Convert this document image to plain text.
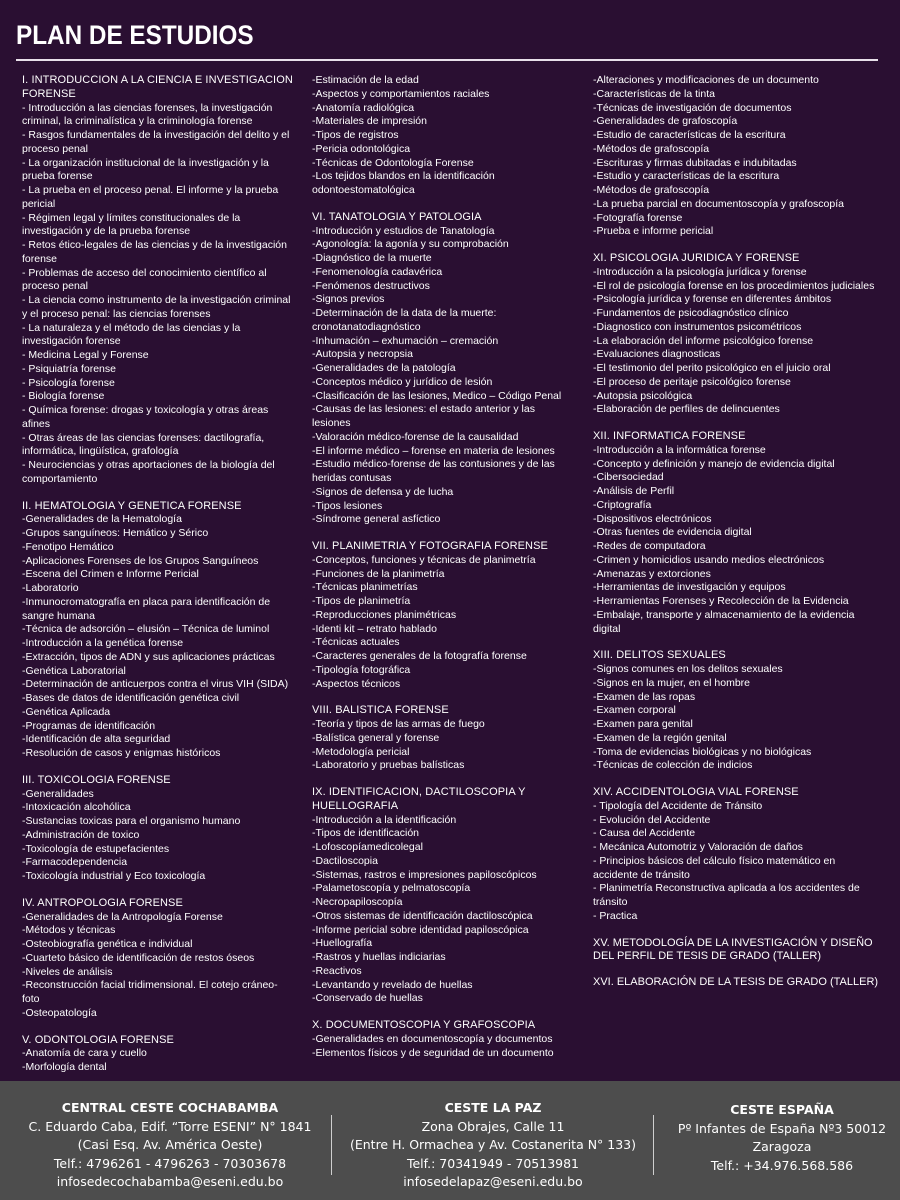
PLAN DE ESTUDIOS
I. INTRODUCCION A LA CIENCIA E INVESTIGACION FORENSE
- Introducción a las ciencias forenses, la investigación criminal, la criminalística y la criminología forense
- Rasgos fundamentales de la investigación del delito y el proceso penal
- La organización institucional de la investigación y la prueba forense
- La prueba en el proceso penal. El informe y la prueba pericial
- Régimen legal y límites constitucionales de la investigación y de la prueba forense
- Retos ético-legales de las ciencias y de la investigación forense
- Problemas de acceso del conocimiento científico al proceso penal
- La ciencia como instrumento de la investigación criminal y el proceso penal: las ciencias forenses
- La naturaleza y el método de las ciencias y la investigación forense
- Medicina Legal y Forense
- Psiquiatría forense
- Psicología forense
- Biología forense
- Química forense: drogas y toxicología y otras áreas afines
- Otras áreas de las ciencias forenses: dactilografía, informática, lingüística, grafología
- Neurociencias y otras aportaciones de la biología del comportamiento
II. HEMATOLOGIA Y GENETICA FORENSE
-Generalidades de la Hematología
-Grupos sanguíneos: Hemático y Sérico
-Fenotipo Hemático
-Aplicaciones Forenses de los Grupos Sanguíneos
-Escena del Crimen e Informe Pericial
-Laboratorio
-Inmunocromatografía en placa para identificación de sangre humana
-Técnica de adsorción – elusión – Técnica de luminol
-Introducción a la genética forense
-Extracción, tipos de ADN y sus aplicaciones prácticas
-Genética Laboratorial
-Determinación de anticuerpos contra el virus VIH (SIDA)
-Bases de datos de identificación genética civil
-Genética Aplicada
-Programas de identificación
-Identificación de alta seguridad
-Resolución de casos y enigmas históricos
III. TOXICOLOGIA FORENSE
-Generalidades
-Intoxicación alcohólica
-Sustancias toxicas para el organismo humano
-Administración de toxico
-Toxicología de estupefacientes
-Farmacodependencia
-Toxicología industrial y Eco toxicología
IV. ANTROPOLOGIA FORENSE
-Generalidades de la Antropología Forense
-Métodos y técnicas
-Osteobiografía genética e individual
-Cuarteto básico de identificación de restos óseos
-Niveles de análisis
-Reconstrucción facial tridimensional. El cotejo cráneo-foto
-Osteopatología
V. ODONTOLOGIA FORENSE
-Anatomía de cara y cuello
-Morfología dental
-Estimación de la edad
-Aspectos y comportamientos raciales
-Anatomía radiológica
-Materiales de impresión
-Tipos de registros
-Pericia odontológica
-Técnicas de Odontología Forense
-Los tejidos blandos en la identificación odontoestomatológica
VI. TANATOLOGIA Y PATOLOGIA
-Introducción y estudios de Tanatología
-Agonología: la agonía y su comprobación
-Diagnóstico de la muerte
-Fenomenología cadavérica
-Fenómenos destructivos
-Signos previos
-Determinación de la data de la muerte: cronotanatodiagnóstico
-Inhumación – exhumación – cremación
-Autopsia y necropsia
-Generalidades de la patología
-Conceptos médico y jurídico de lesión
-Clasificación de las lesiones, Medico – Código Penal
-Causas de las lesiones: el estado anterior y las lesiones
-Valoración médico-forense de la causalidad
-El informe médico – forense en materia de lesiones
-Estudio médico-forense de las contusiones y de las heridas contusas
-Signos de defensa y de lucha
-Tipos lesiones
-Síndrome general asfíctico
VII. PLANIMETRIA Y FOTOGRAFIA FORENSE
-Conceptos, funciones y técnicas de planimetría
-Funciones de la planimetría
-Técnicas planimetrías
-Tipos de planimetría
-Reproducciones planimétricas
-Identi kit – retrato hablado
-Técnicas actuales
-Caracteres generales de la fotografía forense
-Tipología fotográfica
-Aspectos técnicos
VIII. BALISTICA FORENSE
-Teoría y tipos de las armas de fuego
-Balística general y forense
-Metodología pericial
-Laboratorio y pruebas balísticas
IX. IDENTIFICACION, DACTILOSCOPIA Y HUELLOGRAFIA
-Introducción a la identificación
-Tipos de identificación
-Lofoscopíamedicolegal
-Dactiloscopia
-Sistemas, rastros e impresiones papiloscópicos
-Palametoscopía y pelmatoscopía
-Necropapiloscopía
-Otros sistemas de identificación dactiloscópica
-Informe pericial sobre identidad papiloscópica
-Huellografía
-Rastros y huellas indiciarias
-Reactivos
-Levantando y revelado de huellas
-Conservado de huellas
X. DOCUMENTOSCOPIA Y GRAFOSCOPIA
-Generalidades en documentoscopía y documentos
-Elementos físicos y de seguridad de un documento
-Alteraciones y modificaciones de un documento
-Características de la tinta
-Técnicas de investigación de documentos
-Generalidades de grafoscopía
-Estudio de características de la escritura
-Métodos de grafoscopía
-Escrituras y firmas dubitadas e indubitadas
-Estudio y características de la escritura
-Métodos de grafoscopía
-La prueba parcial en documentoscopía y grafoscopía
-Fotografía forense
-Prueba e informe pericial
XI. PSICOLOGIA JURIDICA Y FORENSE
-Introducción a la psicología jurídica y forense
-El rol de psicología forense en los procedimientos judiciales
-Psicología jurídica y forense en diferentes ámbitos
-Fundamentos de psicodiagnóstico clínico
-Diagnostico con instrumentos psicométricos
-La elaboración del informe psicológico forense
-Evaluaciones diagnosticas
-El testimonio del perito psicológico en el juicio oral
-El proceso de peritaje psicológico forense
-Autopsia psicológica
-Elaboración de perfiles de delincuentes
XII. INFORMATICA FORENSE
-Introducción a la informática forense
-Concepto y definición y manejo de evidencia digital
-Cibersociedad
-Análisis de Perfil
-Criptografía
-Dispositivos electrónicos
-Otras fuentes de evidencia digital
-Redes de computadora
-Crimen y homicidios usando medios electrónicos
-Amenazas y extorciones
-Herramientas de investigación y equipos
-Herramientas Forenses y Recolección de la Evidencia
-Embalaje, transporte y almacenamiento de la evidencia digital
XIII. DELITOS SEXUALES
-Signos comunes en los delitos sexuales
-Signos en la mujer, en el hombre
-Examen de las ropas
-Examen corporal
-Examen para genital
-Examen de la región genital
-Toma de evidencias biológicas y no biológicas
-Técnicas de colección de indicios
XIV. ACCIDENTOLOGIA VIAL FORENSE
- Tipología del Accidente de Tránsito
- Evolución del Accidente
- Causa del Accidente
- Mecánica Automotriz y Valoración de daños
- Principios básicos del cálculo físico matemático en accidente de tránsito
- Planimetría Reconstructiva aplicada a los accidentes de tránsito
- Practica
XV. METODOLOGÍA DE LA INVESTIGACIÓN Y DISEÑO DEL PERFIL DE TESIS DE GRADO (TALLER)
XVI. ELABORACIÓN DE LA TESIS DE GRADO (TALLER)
CENTRAL CESTE COCHABAMBA
C. Eduardo Caba, Edif. “Torre ESENI” N° 1841
(Casi Esq. Av. América Oeste)
Telf.: 4796261 - 4796263 - 70303678
infosedecochabamba@eseni.edu.bo
CESTE LA PAZ
Zona Obrajes, Calle 11
(Entre H. Ormachea y Av. Costanerita N° 133)
Telf.: 70341949 - 70513981
infosedelapaz@eseni.edu.bo
CESTE ESPAÑA
Pº Infantes de España Nº3 50012
Zaragoza
Telf.: +34.976.568.586
